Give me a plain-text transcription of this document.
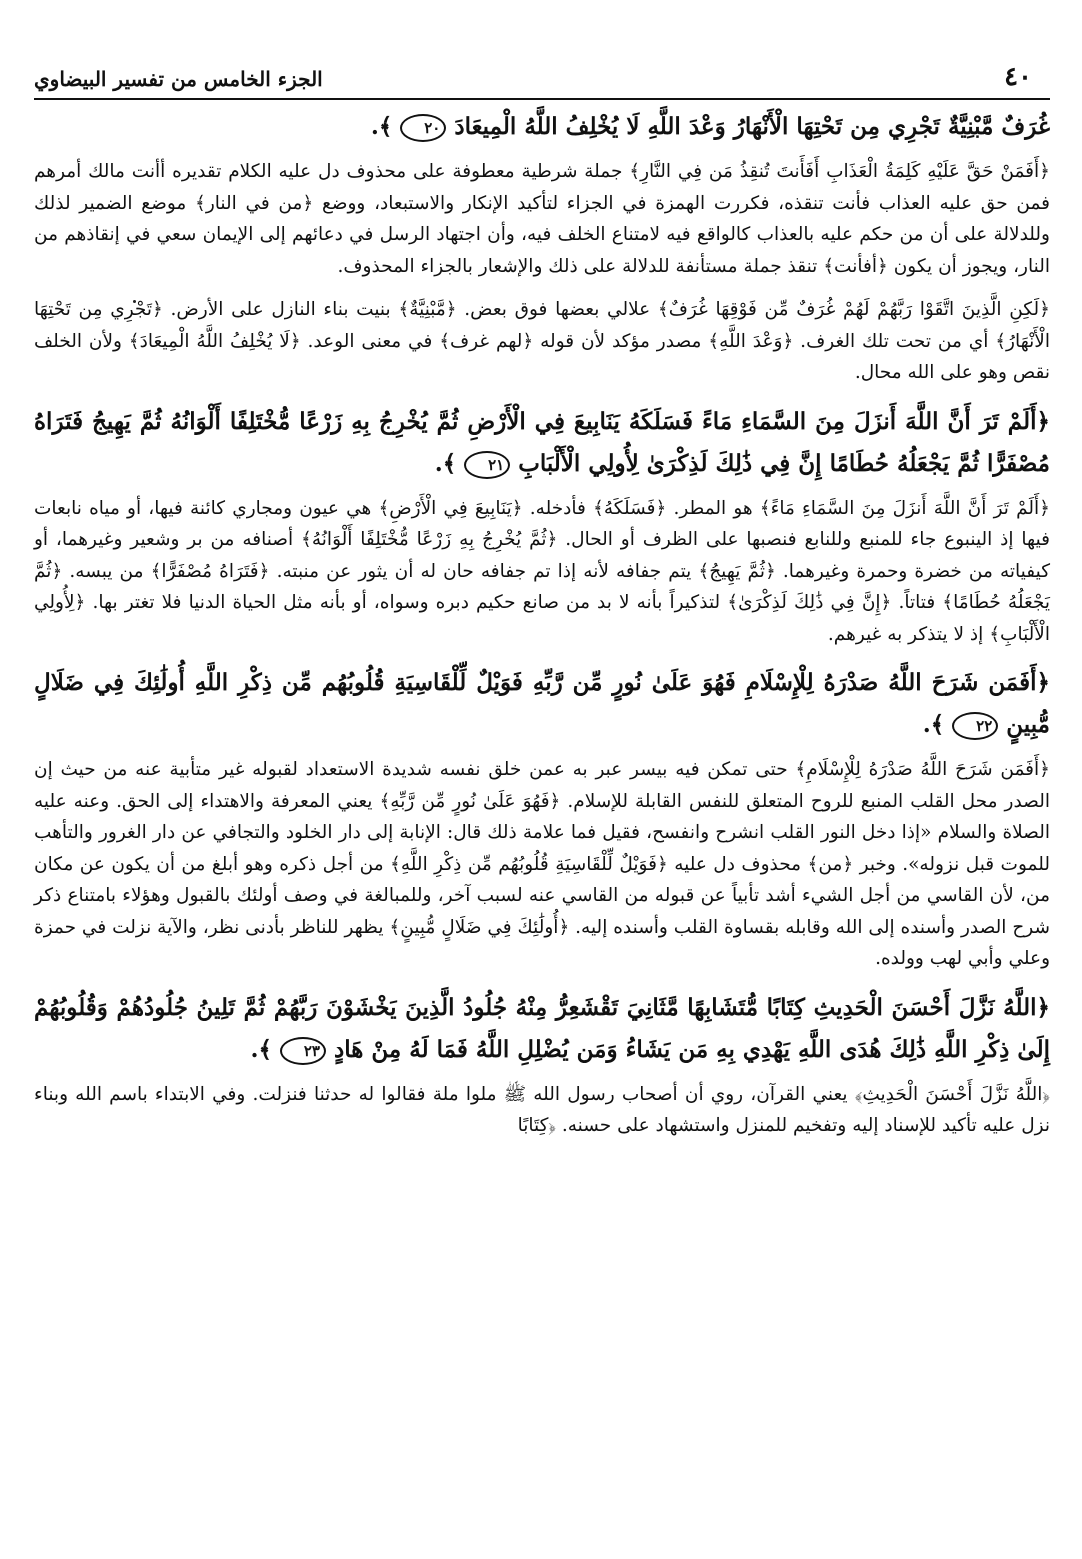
٤٠
الجزء الخامس من تفسير البيضاوي

غُرَفٌ مَّبْنِيَّةٌ تَجْرِي مِن تَحْتِهَا الْأَنْهَارُ وَعْدَ اللَّهِ لَا يُخْلِفُ اللَّهُ الْمِيعَادَ ٢٠ ﴾.

﴿أَفَمَنْ حَقَّ عَلَيْهِ كَلِمَةُ الْعَذَابِ أَفَأَنتَ تُنقِذُ مَن فِي النَّارِ﴾ جملة شرطية معطوفة على محذوف دل عليه الكلام تقديره أأنت مالك أمرهم فمن حق عليه العذاب فأنت تنقذه، فكررت الهمزة في الجزاء لتأكيد الإنكار والاستبعاد، ووضع ﴿من في النار﴾ موضع الضمير لذلك وللدلالة على أن من حكم عليه بالعذاب كالواقع فيه لامتناع الخلف فيه، وأن اجتهاد الرسل في دعائهم إلى الإيمان سعي في إنقاذهم من النار، ويجوز أن يكون ﴿أفأنت﴾ تنقذ جملة مستأنفة للدلالة على ذلك والإشعار بالجزاء المحذوف.

﴿لَكِنِ الَّذِينَ اتَّقَوْا رَبَّهُمْ لَهُمْ غُرَفٌ مِّن فَوْقِهَا غُرَفٌ﴾ علالي بعضها فوق بعض. ﴿مَّبْنِيَّةٌ﴾ بنيت بناء النازل على الأرض. ﴿تَجْرِي مِن تَحْتِهَا الْأَنْهَارُ﴾ أي من تحت تلك الغرف. ﴿وَعْدَ اللَّهِ﴾ مصدر مؤكد لأن قوله ﴿لهم غرف﴾ في معنى الوعد. ﴿لَا يُخْلِفُ اللَّهُ الْمِيعَادَ﴾ ولأن الخلف نقص وهو على الله محال.

﴿أَلَمْ تَرَ أَنَّ اللَّهَ أَنزَلَ مِنَ السَّمَاءِ مَاءً فَسَلَكَهُ يَنَابِيعَ فِي الْأَرْضِ ثُمَّ يُخْرِجُ بِهِ زَرْعًا مُّخْتَلِفًا أَلْوَانُهُ ثُمَّ يَهِيجُ فَتَرَاهُ مُصْفَرًّا ثُمَّ يَجْعَلُهُ حُطَامًا إِنَّ فِي ذَٰلِكَ لَذِكْرَىٰ لِأُولِي الْأَلْبَابِ ٢١ ﴾.

﴿أَلَمْ تَرَ أَنَّ اللَّهَ أَنزَلَ مِنَ السَّمَاءِ مَاءً﴾ هو المطر. ﴿فَسَلَكَهُ﴾ فأدخله. ﴿يَنَابِيعَ فِي الْأَرْضِ﴾ هي عيون ومجاري كائنة فيها، أو مياه نابعات فيها إذ الينبوع جاء للمنبع وللنابع فنصبها على الظرف أو الحال. ﴿ثُمَّ يُخْرِجُ بِهِ زَرْعًا مُّخْتَلِفًا أَلْوَانُهُ﴾ أصنافه من بر وشعير وغيرهما، أو كيفياته من خضرة وحمرة وغيرهما. ﴿ثُمَّ يَهِيجُ﴾ يتم جفافه لأنه إذا تم جفافه حان له أن يثور عن منبته. ﴿فَتَرَاهُ مُصْفَرًّا﴾ من يبسه. ﴿ثُمَّ يَجْعَلُهُ حُطَامًا﴾ فتاتاً. ﴿إِنَّ فِي ذَٰلِكَ لَذِكْرَىٰ﴾ لتذكيراً بأنه لا بد من صانع حكيم دبره وسواه، أو بأنه مثل الحياة الدنيا فلا تغتر بها. ﴿لِأُولِي الْأَلْبَابِ﴾ إذ لا يتذكر به غيرهم.

﴿أَفَمَن شَرَحَ اللَّهُ صَدْرَهُ لِلْإِسْلَامِ فَهُوَ عَلَىٰ نُورٍ مِّن رَّبِّهِ فَوَيْلٌ لِّلْقَاسِيَةِ قُلُوبُهُم مِّن ذِكْرِ اللَّهِ أُولَٰئِكَ فِي ضَلَالٍ مُّبِينٍ ٢٢ ﴾.

﴿أَفَمَن شَرَحَ اللَّهُ صَدْرَهُ لِلْإِسْلَامِ﴾ حتى تمكن فيه بيسر عبر به عمن خلق نفسه شديدة الاستعداد لقبوله غير متأبية عنه من حيث إن الصدر محل القلب المنبع للروح المتعلق للنفس القابلة للإسلام. ﴿فَهُوَ عَلَىٰ نُورٍ مِّن رَّبِّهِ﴾ يعني المعرفة والاهتداء إلى الحق. وعنه عليه الصلاة والسلام «إذا دخل النور القلب انشرح وانفسح، فقيل فما علامة ذلك قال: الإنابة إلى دار الخلود والتجافي عن دار الغرور والتأهب للموت قبل نزوله». وخبر ﴿من﴾ محذوف دل عليه ﴿فَوَيْلٌ لِّلْقَاسِيَةِ قُلُوبُهُم مِّن ذِكْرِ اللَّهِ﴾ من أجل ذكره وهو أبلغ من أن يكون عن مكان من، لأن القاسي من أجل الشيء أشد تأبياً عن قبوله من القاسي عنه لسبب آخر، وللمبالغة في وصف أولئك بالقبول وهؤلاء بامتناع ذكر شرح الصدر وأسنده إلى الله وقابله بقساوة القلب وأسنده إليه. ﴿أُولَٰئِكَ فِي ضَلَالٍ مُّبِينٍ﴾ يظهر للناظر بأدنى نظر، والآية نزلت في حمزة وعلي وأبي لهب وولده.

﴿اللَّهُ نَزَّلَ أَحْسَنَ الْحَدِيثِ كِتَابًا مُّتَشَابِهًا مَّثَانِيَ تَقْشَعِرُّ مِنْهُ جُلُودُ الَّذِينَ يَخْشَوْنَ رَبَّهُمْ ثُمَّ تَلِينُ جُلُودُهُمْ وَقُلُوبُهُمْ إِلَىٰ ذِكْرِ اللَّهِ ذَٰلِكَ هُدَى اللَّهِ يَهْدِي بِهِ مَن يَشَاءُ وَمَن يُضْلِلِ اللَّهُ فَمَا لَهُ مِنْ هَادٍ ٢٣ ﴾.

﴿اللَّهُ نَزَّلَ أَحْسَنَ الْحَدِيثِ﴾ يعني القرآن، روي أن أصحاب رسول الله ﷺ ملوا ملة فقالوا له حدثنا فنزلت. وفي الابتداء باسم الله وبناء نزل عليه تأكيد للإسناد إليه وتفخيم للمنزل واستشهاد على حسنه. ﴿كِتَابًا
